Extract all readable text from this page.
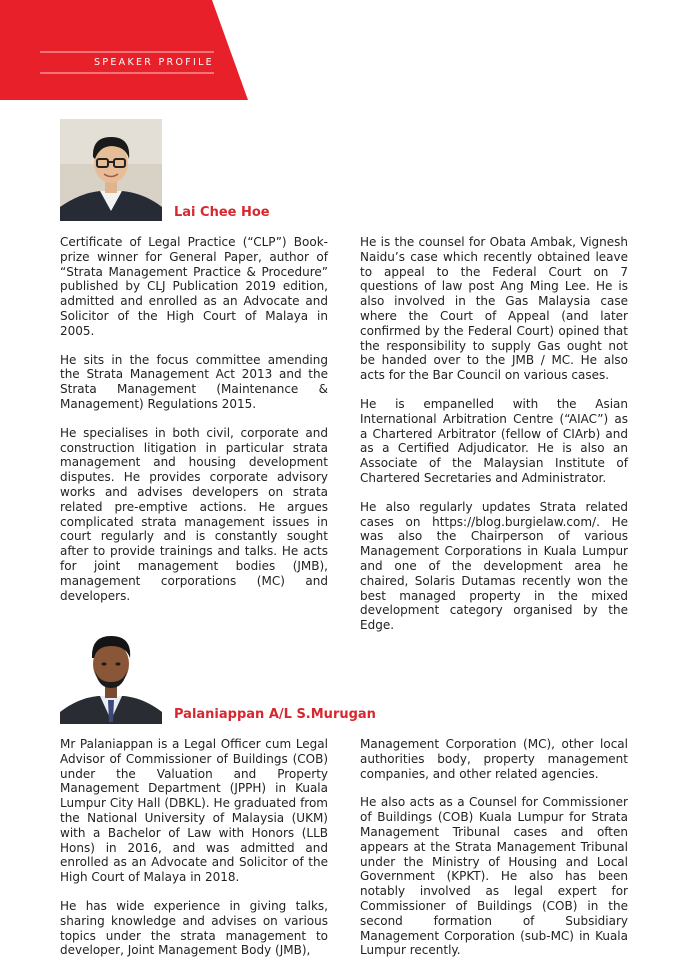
SPEAKER PROFILE
Lai Chee Hoe

Certificate of Legal Practice (“CLP”) Book-prize winner for General Paper, author of “Strata Management Practice & Procedure” published by CLJ Publication 2019 edition, admitted and enrolled as an Advocate and Solicitor of the High Court of Malaya in 2005.

He sits in the focus committee amending the Strata Management Act 2013 and the Strata Management (Maintenance & Management) Regulations 2015.

He specialises in both civil, corporate and construction litigation in particular strata management and housing development disputes. He provides corporate advisory works and advises developers on strata related pre-emptive actions. He argues complicated strata management issues in court regularly and is constantly sought after to provide trainings and talks. He acts for joint management bodies (JMB), management corporations (MC) and developers.

He is the counsel for Obata Ambak, Vignesh Naidu’s case which recently obtained leave to appeal to the Federal Court on 7 questions of law post Ang Ming Lee. He is also involved in the Gas Malaysia case where the Court of Appeal (and later confirmed by the Federal Court) opined that the responsibility to supply Gas ought not be handed over to the JMB / MC. He also acts for the Bar Council on various cases.

He is empanelled with the Asian International Arbitration Centre (“AIAC”) as a Chartered Arbitrator (fellow of CIArb) and as a Certified Adjudicator. He is also an Associate of the Malaysian Institute of Chartered Secretaries and Administrator.

He also regularly updates Strata related cases on https://blog.burgielaw.com/. He was also the Chairperson of various Management Corporations in Kuala Lumpur and one of the development area he chaired, Solaris Dutamas recently won the best managed property in the mixed development category organised by the Edge.

Palaniappan A/L S.Murugan

Mr Palaniappan is a Legal Officer cum Legal Advisor of Commissioner of Buildings (COB) under the Valuation and Property Management Department (JPPH) in Kuala Lumpur City Hall (DBKL). He graduated from the National University of Malaysia (UKM) with a Bachelor of Law with Honors (LLB Hons) in 2016, and was admitted and enrolled as an Advocate and Solicitor of the High Court of Malaya in 2018.

He has wide experience in giving talks, sharing knowledge and advises on various topics under the strata management to developer, Joint Management Body (JMB),

Management Corporation (MC), other local authorities body, property management companies, and other related agencies.

He also acts as a Counsel for Commissioner of Buildings (COB) Kuala Lumpur for Strata Management Tribunal cases and often appears at the Strata Management Tribunal under the Ministry of Housing and Local Government (KPKT). He also has been notably involved as legal expert for Commissioner of Buildings (COB) in the second formation of Subsidiary Management Corporation (sub-MC) in Kuala Lumpur recently.
